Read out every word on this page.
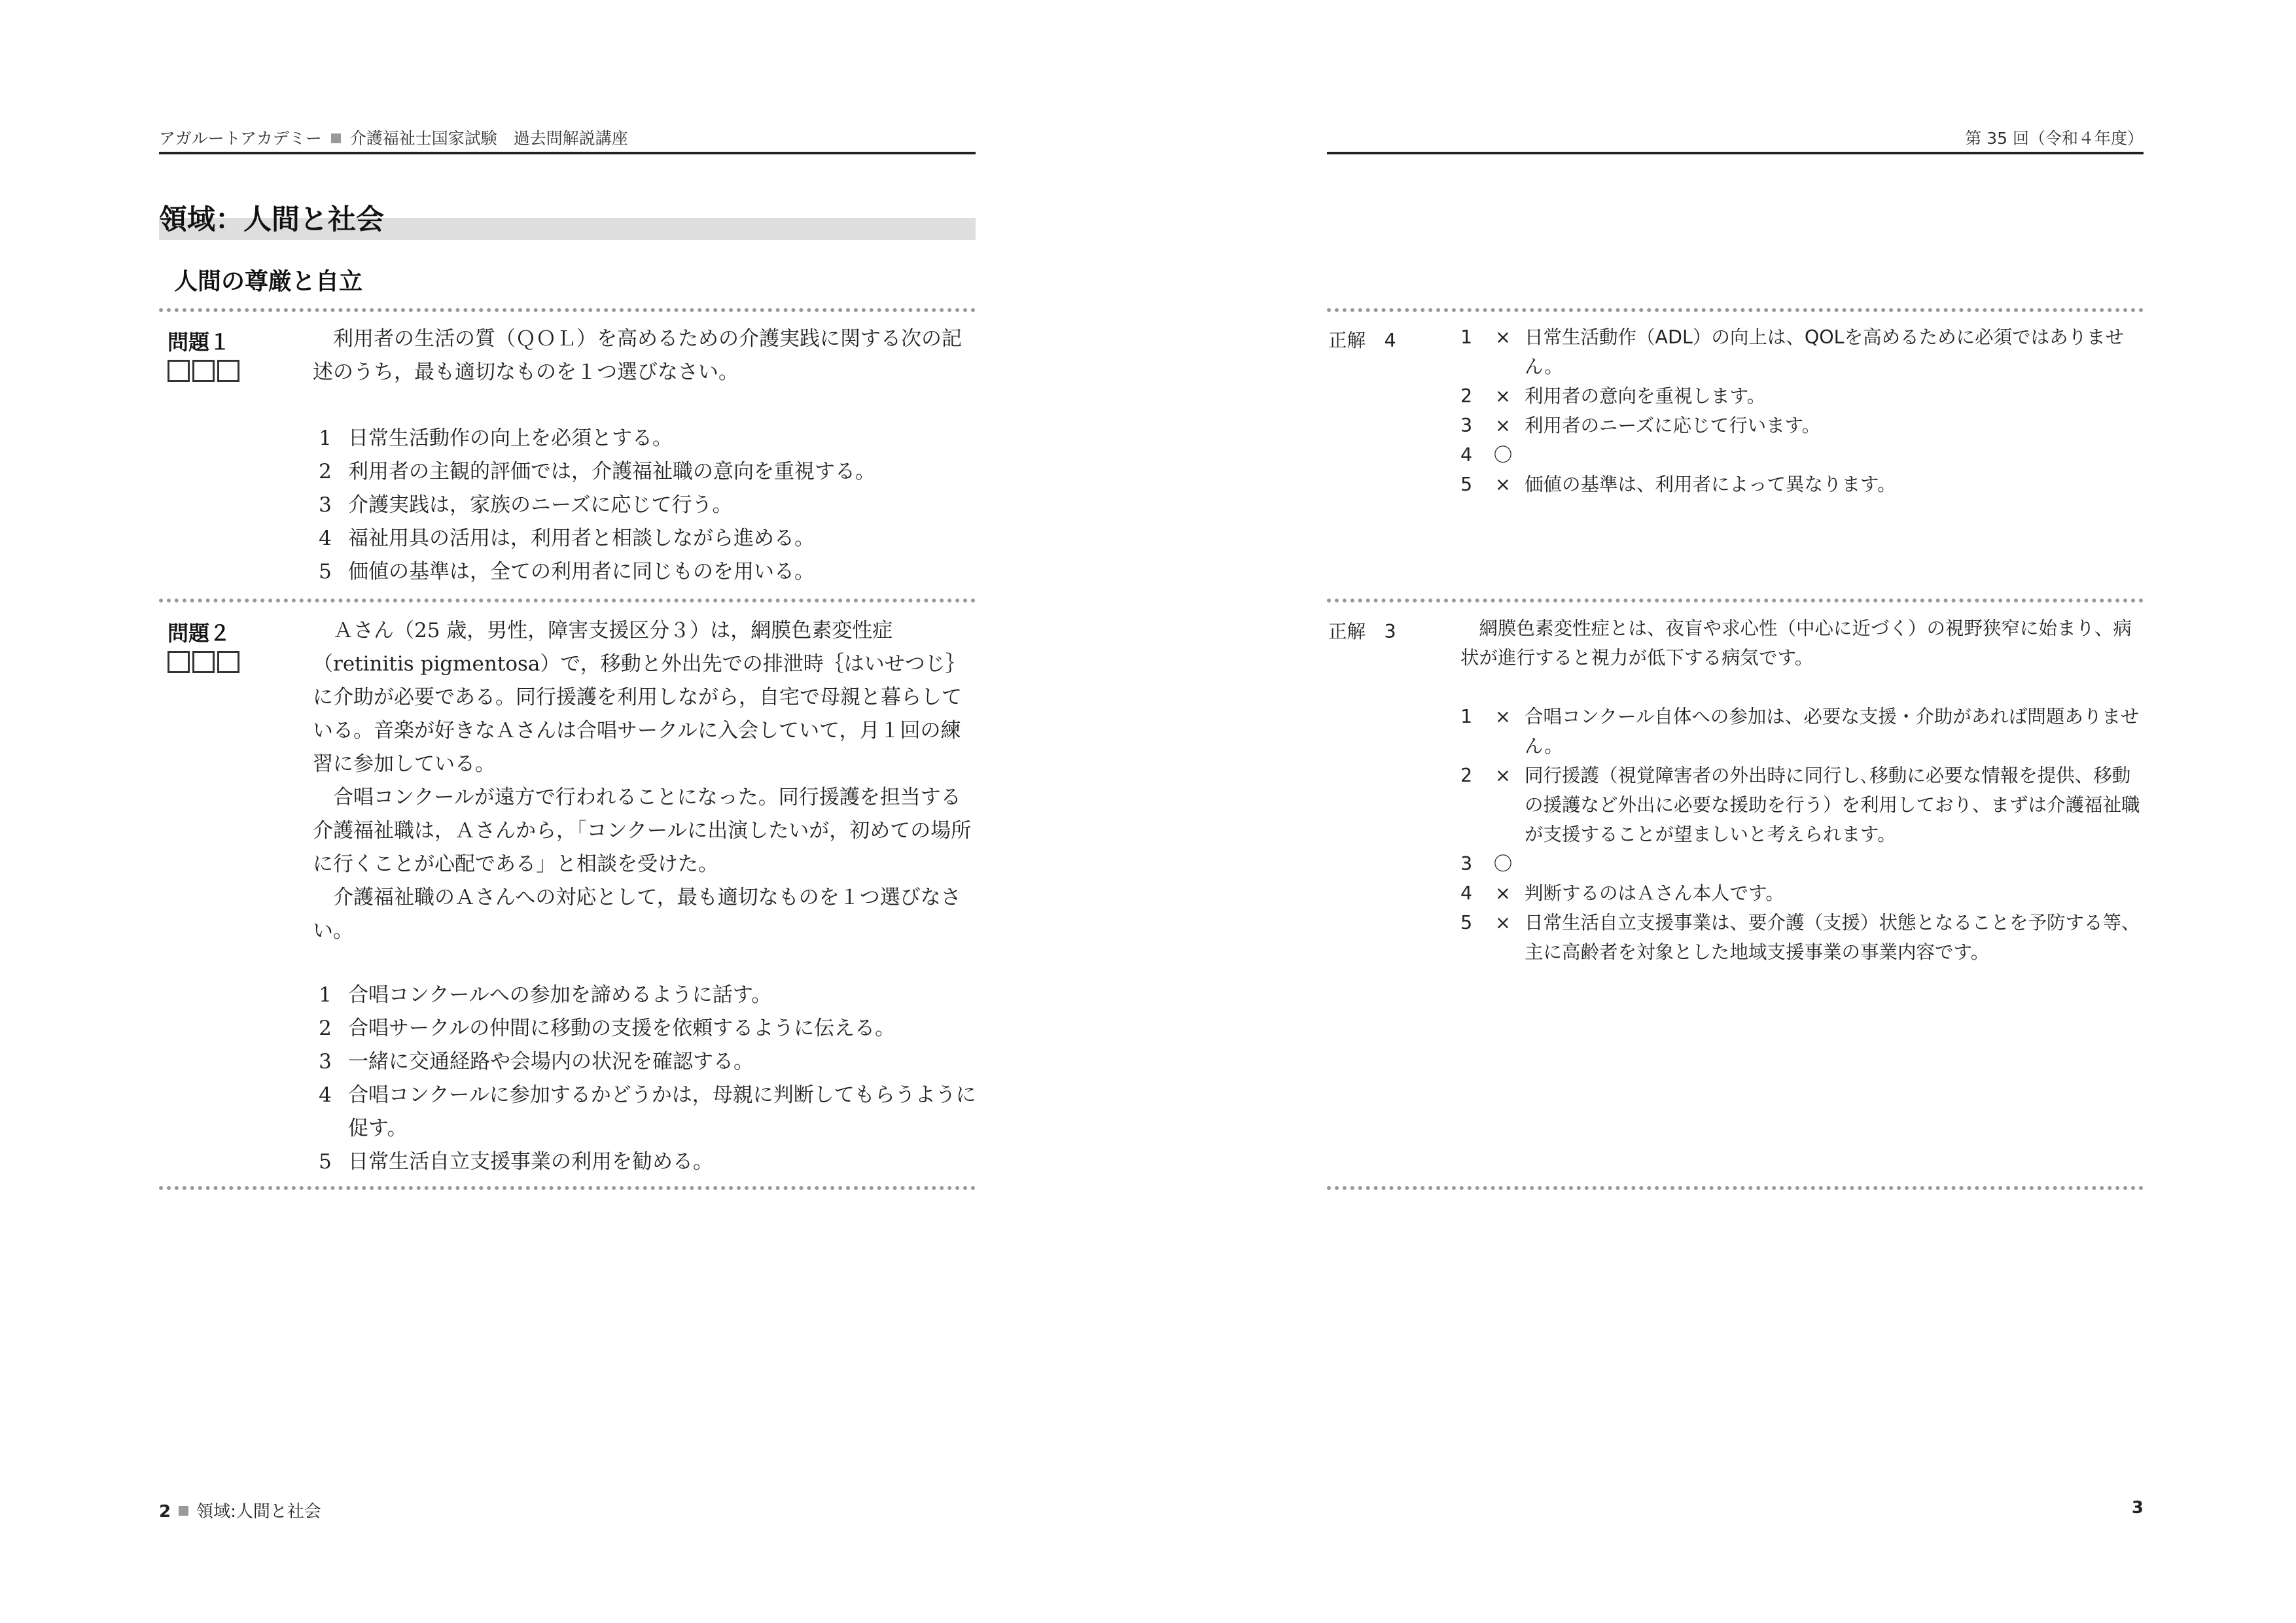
アガルートアカデミー 介護福祉士国家試験　過去問解説講座	第 35 回（令和４年度）
領域：人間と社会
人間の尊厳と自立
問題１	利用者の生活の質（ＱＯＬ）を高めるための介護実践に関する次の記述のうち，最も適切なものを１つ選びなさい。

1 日常生活動作の向上を必須とする。
2 利用者の主観的評価では，介護福祉職の意向を重視する。
3 介護実践は，家族のニーズに応じて行う。
4 福祉用具の活用は，利用者と相談しながら進める。
5 価値の基準は，全ての利用者に同じものを用いる。
問題２	Ａさん（25 歳，男性，障害支援区分３）は，網膜色素変性症（retinitis pigmentosa）で，移動と外出先での排泄時｛はいせつじ｝に介助が必要である。同行援護を利用しながら，自宅で母親と暮らしている。音楽が好きなＡさんは合唱サークルに入会していて，月１回の練習に参加している。

合唱コンクールが遠方で行われることになった。同行援護を担当する介護福祉職は，Ａさんから，「コンクールに出演したいが，初めての場所に行くことが心配である」と相談を受けた。

介護福祉職のＡさんへの対応として，最も適切なものを１つ選びなさい。

1 合唱コンクールへの参加を諦めるように話す。
2 合唱サークルの仲間に移動の支援を依頼するように伝える。
3 一緒に交通経路や会場内の状況を確認する。
4 合唱コンクールに参加するかどうかは，母親に判断してもらうように促す。
5 日常生活自立支援事業の利用を勧める。
正解　4	1	× 日常生活動作（ADL）の向上は、QOLを高めるために必須ではありません。
2	× 利用者の意向を重視します。
3	× 利用者のニーズに応じて行います。
4	〇
5	× 価値の基準は、利用者によって異なります。
正解　3	網膜色素変性症とは、夜盲や求心性（中心に近づく）の視野狭窄に始まり、病状が進行すると視力が低下する病気です。

1	× 合唱コンクール自体への参加は、必要な支援・介助があれば問題ありません。
2	× 同行援護（視覚障害者の外出時に同行し､移動に必要な情報を提供、移動の援護など外出に必要な援助を行う）を利用しており、まずは介護福祉職が支援することが望ましいと考えられます。
3	〇
4	× 判断するのはＡさん本人です。
5	× 日常生活自立支援事業は、要介護（支援）状態となることを予防する等、主に高齢者を対象とした地域支援事業の事業内容です。
2 領域:人間と社会	3
